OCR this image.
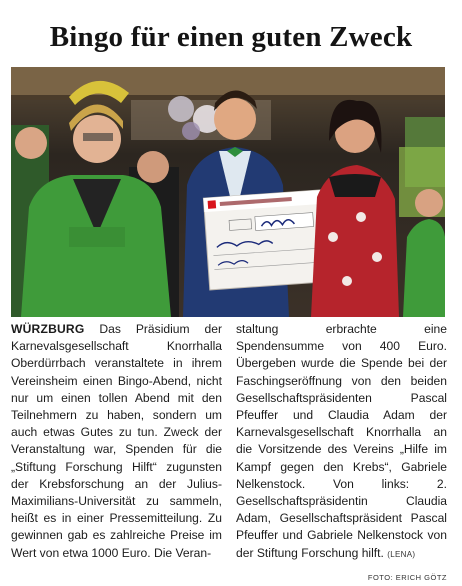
Bingo für einen guten Zweck

WÜRZBURG Das Präsidium der Karnevalsgesellschaft Knorrhalla Oberdürrbach veranstaltete in ihrem Vereinsheim einen Bingo-Abend, nicht nur um einen tollen Abend mit den Teilnehmern zu haben, sondern um auch etwas Gutes zu tun. Zweck der Veranstaltung war, Spenden für die „Stiftung Forschung Hilft“ zugunsten der Krebsforschung an der Julius-Maximilians-Universität zu sammeln, heißt es in einer Pressemitteilung. Zu gewinnen gab es zahlreiche Preise im Wert von etwa 1000 Euro. Die Veran-

staltung erbrachte eine Spendensumme von 400 Euro. Übergeben wurde die Spende bei der Faschingseröffnung von den beiden Gesellschaftspräsidenten Pascal Pfeuffer und Claudia Adam der Karnevalsgesellschaft Knorrhalla an die Vorsitzende des Vereins „Hilfe im Kampf gegen den Krebs“, Gabriele Nelkenstock. Von links: 2. Gesellschaftspräsidentin Claudia Adam, Gesellschaftspräsident Pascal Pfeuffer und Gabriele Nelkenstock von der Stiftung Forschung hilft. (LENA)
FOTO: ERICH GÖTZ
